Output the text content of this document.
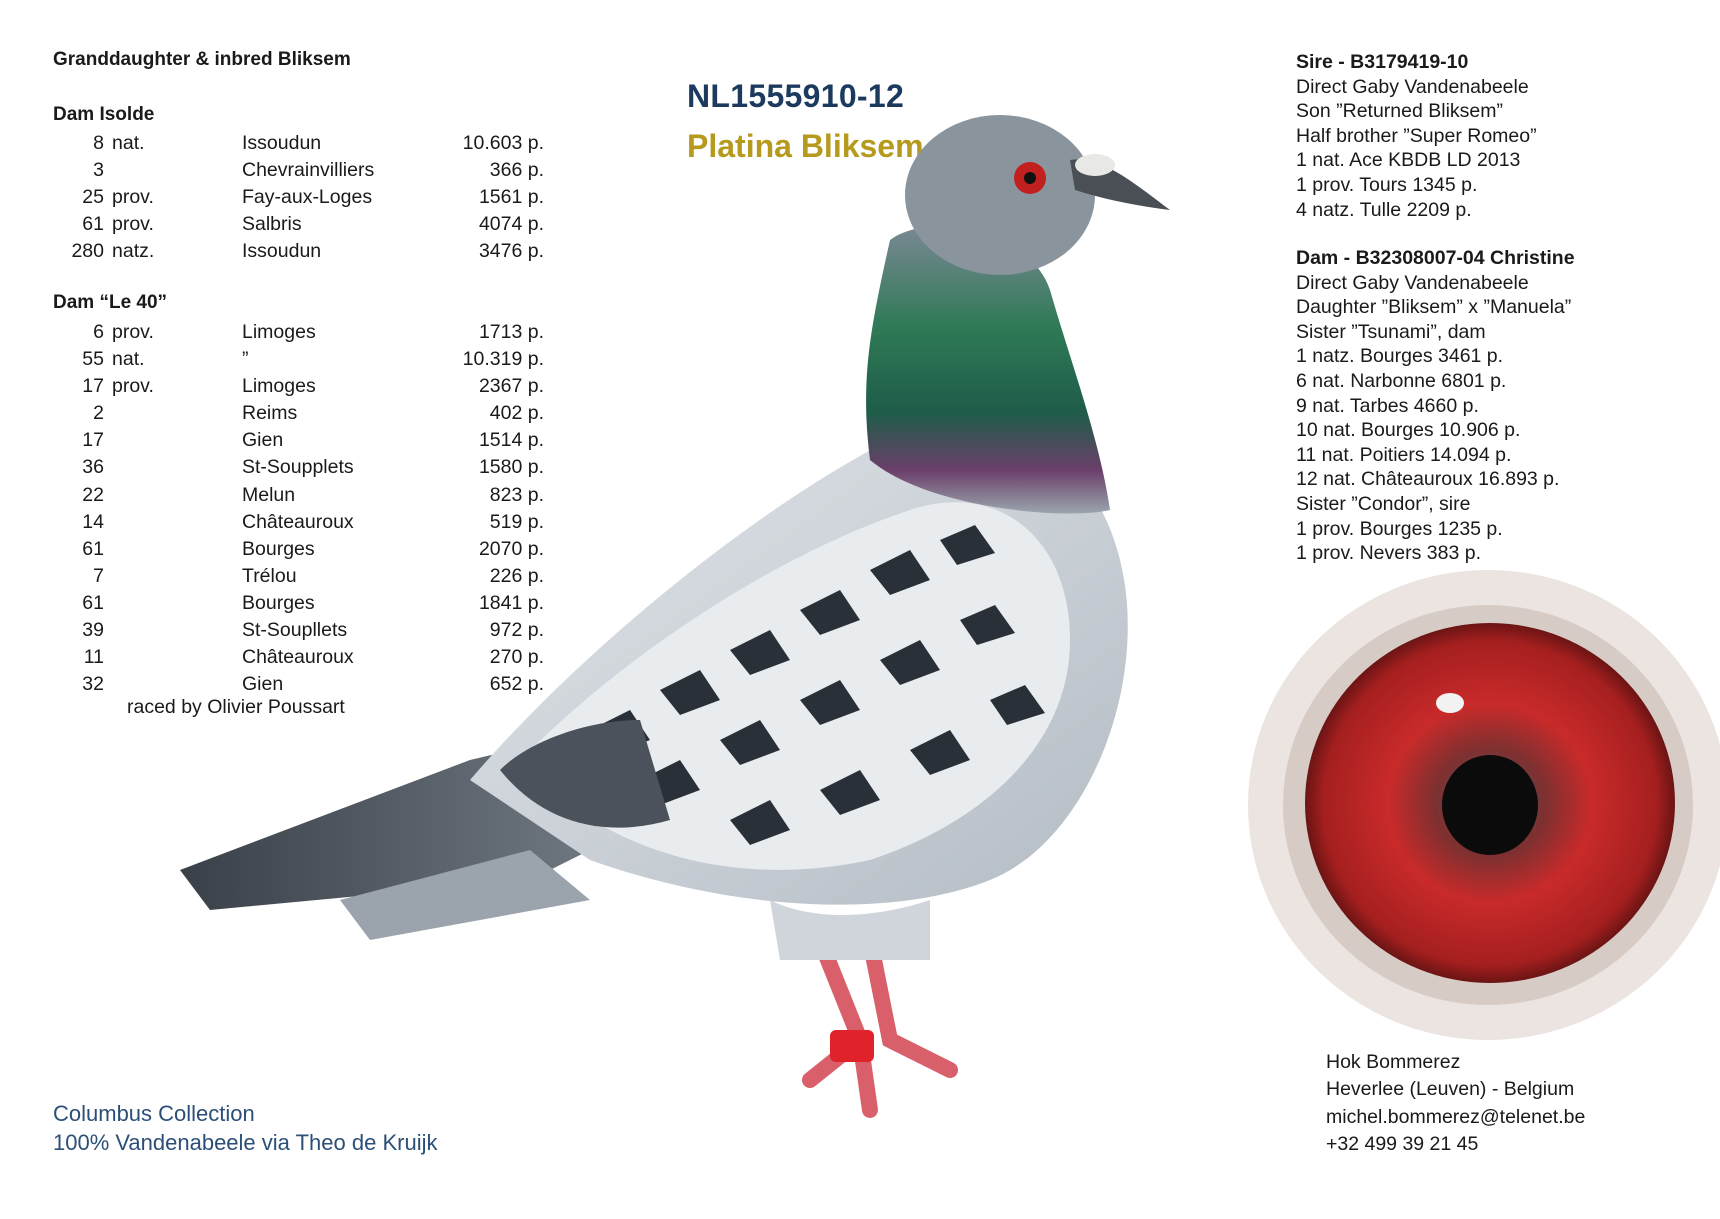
Granddaughter & inbred Bliksem
Dam Isolde
8 nat.	Issoudun	10.603 p.
3	Chevrainvilliers	366 p.
25 prov.	Fay-aux-Loges	1561 p.
61 prov.	Salbris	4074 p.
280 natz.	Issoudun	3476 p.
Dam “Le 40”
6 prov.	Limoges	1713 p.
55 nat.	”	10.319 p.
17 prov.	Limoges	2367 p.
2	Reims	402 p.
17	Gien	1514 p.
36	St-Soupplets	1580 p.
22	Melun	823 p.
14	Châteauroux	519 p.
61	Bourges	2070 p.
7	Trélou	226 p.
61	Bourges	1841 p.
39	St-Soupllets	972 p.
11	Châteauroux	270 p.
32	Gien	652 p.
raced by Olivier Poussart
NL1555910-12
Platina Bliksem
Sire - B3179419-10
Direct Gaby Vandenabeele
Son ”Returned Bliksem”
Half brother ”Super Romeo”
1 nat. Ace KBDB LD 2013
1 prov. Tours 1345 p.
4 natz. Tulle 2209 p.
Dam - B32308007-04 Christine
Direct Gaby Vandenabeele
Daughter ”Bliksem” x ”Manuela”
Sister ”Tsunami”, dam
1 natz. Bourges 3461 p.
6 nat. Narbonne 6801 p.
9 nat. Tarbes 4660 p.
10 nat. Bourges 10.906 p.
11 nat. Poitiers 14.094 p.
12 nat. Châteauroux 16.893 p.
Sister ”Condor”, sire
1 prov. Bourges 1235 p.
1 prov. Nevers 383 p.
Hok Bommerez
Heverlee (Leuven) - Belgium
michel.bommerez@telenet.be
+32 499 39 21 45
Columbus Collection
100% Vandenabeele via Theo de Kruijk
